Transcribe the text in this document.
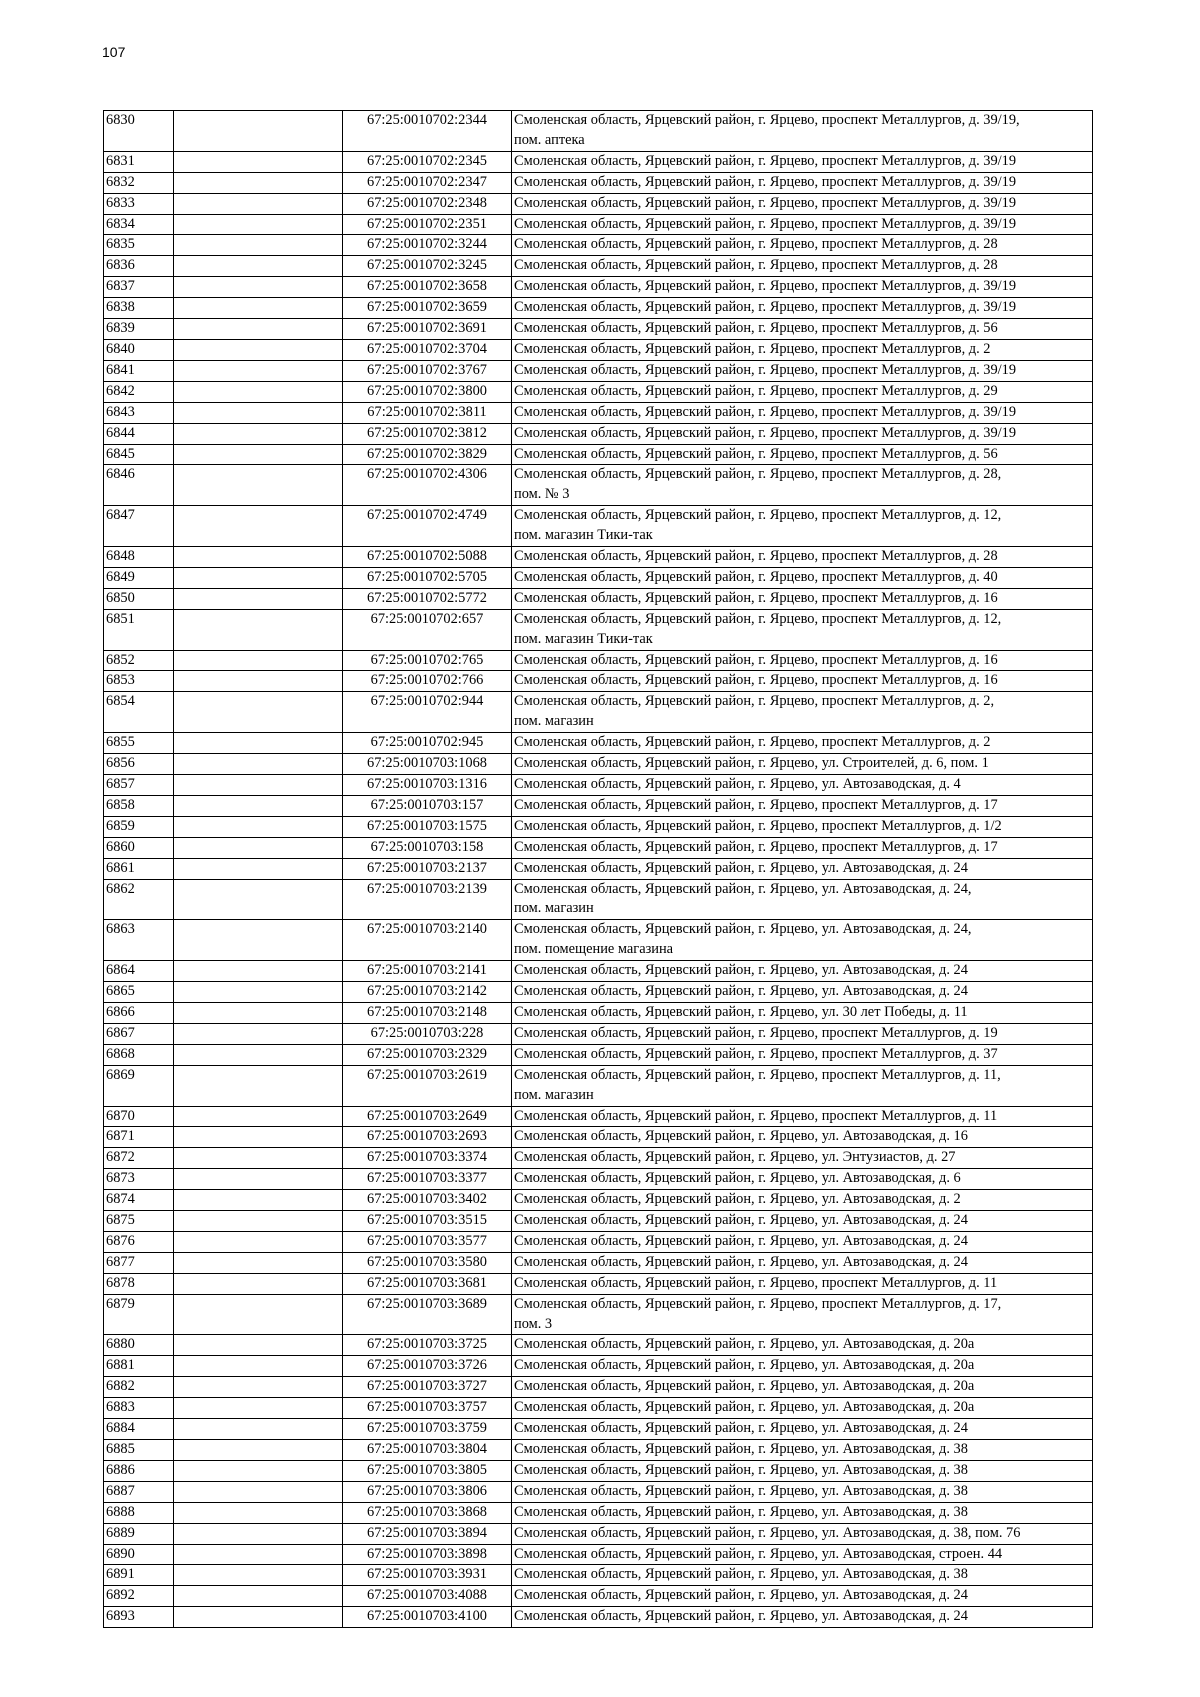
107
6830		67:25:0010702:2344	Смоленская область, Ярцевский район, г. Ярцево, проспект Металлургов, д. 39/19,
пом. аптека
6831		67:25:0010702:2345	Смоленская область, Ярцевский район, г. Ярцево, проспект Металлургов, д. 39/19
6832		67:25:0010702:2347	Смоленская область, Ярцевский район, г. Ярцево, проспект Металлургов, д. 39/19
6833		67:25:0010702:2348	Смоленская область, Ярцевский район, г. Ярцево, проспект Металлургов, д. 39/19
6834		67:25:0010702:2351	Смоленская область, Ярцевский район, г. Ярцево, проспект Металлургов, д. 39/19
6835		67:25:0010702:3244	Смоленская область, Ярцевский район, г. Ярцево, проспект Металлургов, д. 28
6836		67:25:0010702:3245	Смоленская область, Ярцевский район, г. Ярцево, проспект Металлургов, д. 28
6837		67:25:0010702:3658	Смоленская область, Ярцевский район, г. Ярцево, проспект Металлургов, д. 39/19
6838		67:25:0010702:3659	Смоленская область, Ярцевский район, г. Ярцево, проспект Металлургов, д. 39/19
6839		67:25:0010702:3691	Смоленская область, Ярцевский район, г. Ярцево, проспект Металлургов, д. 56
6840		67:25:0010702:3704	Смоленская область, Ярцевский район, г. Ярцево, проспект Металлургов, д. 2
6841		67:25:0010702:3767	Смоленская область, Ярцевский район, г. Ярцево, проспект Металлургов, д. 39/19
6842		67:25:0010702:3800	Смоленская область, Ярцевский район, г. Ярцево, проспект Металлургов, д. 29
6843		67:25:0010702:3811	Смоленская область, Ярцевский район, г. Ярцево, проспект Металлургов, д. 39/19
6844		67:25:0010702:3812	Смоленская область, Ярцевский район, г. Ярцево, проспект Металлургов, д. 39/19
6845		67:25:0010702:3829	Смоленская область, Ярцевский район, г. Ярцево, проспект Металлургов, д. 56
6846		67:25:0010702:4306	Смоленская область, Ярцевский район, г. Ярцево, проспект Металлургов, д. 28,
пом. № 3
6847		67:25:0010702:4749	Смоленская область, Ярцевский район, г. Ярцево, проспект Металлургов, д. 12,
пом. магазин Тики-так
6848		67:25:0010702:5088	Смоленская область, Ярцевский район, г. Ярцево, проспект Металлургов, д. 28
6849		67:25:0010702:5705	Смоленская область, Ярцевский район, г. Ярцево, проспект Металлургов, д. 40
6850		67:25:0010702:5772	Смоленская область, Ярцевский район, г. Ярцево, проспект Металлургов, д. 16
6851		67:25:0010702:657	Смоленская область, Ярцевский район, г. Ярцево, проспект Металлургов, д. 12,
пом. магазин Тики-так
6852		67:25:0010702:765	Смоленская область, Ярцевский район, г. Ярцево, проспект Металлургов, д. 16
6853		67:25:0010702:766	Смоленская область, Ярцевский район, г. Ярцево, проспект Металлургов, д. 16
6854		67:25:0010702:944	Смоленская область, Ярцевский район, г. Ярцево, проспект Металлургов, д. 2,
пом. магазин
6855		67:25:0010702:945	Смоленская область, Ярцевский район, г. Ярцево, проспект Металлургов, д. 2
6856		67:25:0010703:1068	Смоленская область, Ярцевский район, г. Ярцево, ул. Строителей, д. 6, пом. 1
6857		67:25:0010703:1316	Смоленская область, Ярцевский район, г. Ярцево, ул. Автозаводская, д. 4
6858		67:25:0010703:157	Смоленская область, Ярцевский район, г. Ярцево, проспект Металлургов, д. 17
6859		67:25:0010703:1575	Смоленская область, Ярцевский район, г. Ярцево, проспект Металлургов, д. 1/2
6860		67:25:0010703:158	Смоленская область, Ярцевский район, г. Ярцево, проспект Металлургов, д. 17
6861		67:25:0010703:2137	Смоленская область, Ярцевский район, г. Ярцево, ул. Автозаводская, д. 24
6862		67:25:0010703:2139	Смоленская область, Ярцевский район, г. Ярцево, ул. Автозаводская, д. 24,
пом. магазин
6863		67:25:0010703:2140	Смоленская область, Ярцевский район, г. Ярцево, ул. Автозаводская, д. 24,
пом. помещение магазина
6864		67:25:0010703:2141	Смоленская область, Ярцевский район, г. Ярцево, ул. Автозаводская, д. 24
6865		67:25:0010703:2142	Смоленская область, Ярцевский район, г. Ярцево, ул. Автозаводская, д. 24
6866		67:25:0010703:2148	Смоленская область, Ярцевский район, г. Ярцево, ул. 30 лет Победы, д. 11
6867		67:25:0010703:228	Смоленская область, Ярцевский район, г. Ярцево, проспект Металлургов, д. 19
6868		67:25:0010703:2329	Смоленская область, Ярцевский район, г. Ярцево, проспект Металлургов, д. 37
6869		67:25:0010703:2619	Смоленская область, Ярцевский район, г. Ярцево, проспект Металлургов, д. 11,
пом. магазин
6870		67:25:0010703:2649	Смоленская область, Ярцевский район, г. Ярцево, проспект Металлургов, д. 11
6871		67:25:0010703:2693	Смоленская область, Ярцевский район, г. Ярцево, ул. Автозаводская, д. 16
6872		67:25:0010703:3374	Смоленская область, Ярцевский район, г. Ярцево, ул. Энтузиастов, д. 27
6873		67:25:0010703:3377	Смоленская область, Ярцевский район, г. Ярцево, ул. Автозаводская, д. 6
6874		67:25:0010703:3402	Смоленская область, Ярцевский район, г. Ярцево, ул. Автозаводская, д. 2
6875		67:25:0010703:3515	Смоленская область, Ярцевский район, г. Ярцево, ул. Автозаводская, д. 24
6876		67:25:0010703:3577	Смоленская область, Ярцевский район, г. Ярцево, ул. Автозаводская, д. 24
6877		67:25:0010703:3580	Смоленская область, Ярцевский район, г. Ярцево, ул. Автозаводская, д. 24
6878		67:25:0010703:3681	Смоленская область, Ярцевский район, г. Ярцево, проспект Металлургов, д. 11
6879		67:25:0010703:3689	Смоленская область, Ярцевский район, г. Ярцево, проспект Металлургов, д. 17,
пом. 3
6880		67:25:0010703:3725	Смоленская область, Ярцевский район, г. Ярцево, ул. Автозаводская, д. 20а
6881		67:25:0010703:3726	Смоленская область, Ярцевский район, г. Ярцево, ул. Автозаводская, д. 20а
6882		67:25:0010703:3727	Смоленская область, Ярцевский район, г. Ярцево, ул. Автозаводская, д. 20а
6883		67:25:0010703:3757	Смоленская область, Ярцевский район, г. Ярцево, ул. Автозаводская, д. 20а
6884		67:25:0010703:3759	Смоленская область, Ярцевский район, г. Ярцево, ул. Автозаводская, д. 24
6885		67:25:0010703:3804	Смоленская область, Ярцевский район, г. Ярцево, ул. Автозаводская, д. 38
6886		67:25:0010703:3805	Смоленская область, Ярцевский район, г. Ярцево, ул. Автозаводская, д. 38
6887		67:25:0010703:3806	Смоленская область, Ярцевский район, г. Ярцево, ул. Автозаводская, д. 38
6888		67:25:0010703:3868	Смоленская область, Ярцевский район, г. Ярцево, ул. Автозаводская, д. 38
6889		67:25:0010703:3894	Смоленская область, Ярцевский район, г. Ярцево, ул. Автозаводская, д. 38, пом. 76
6890		67:25:0010703:3898	Смоленская область, Ярцевский район, г. Ярцево, ул. Автозаводская, строен. 44
6891		67:25:0010703:3931	Смоленская область, Ярцевский район, г. Ярцево, ул. Автозаводская, д. 38
6892		67:25:0010703:4088	Смоленская область, Ярцевский район, г. Ярцево, ул. Автозаводская, д. 24
6893		67:25:0010703:4100	Смоленская область, Ярцевский район, г. Ярцево, ул. Автозаводская, д. 24
